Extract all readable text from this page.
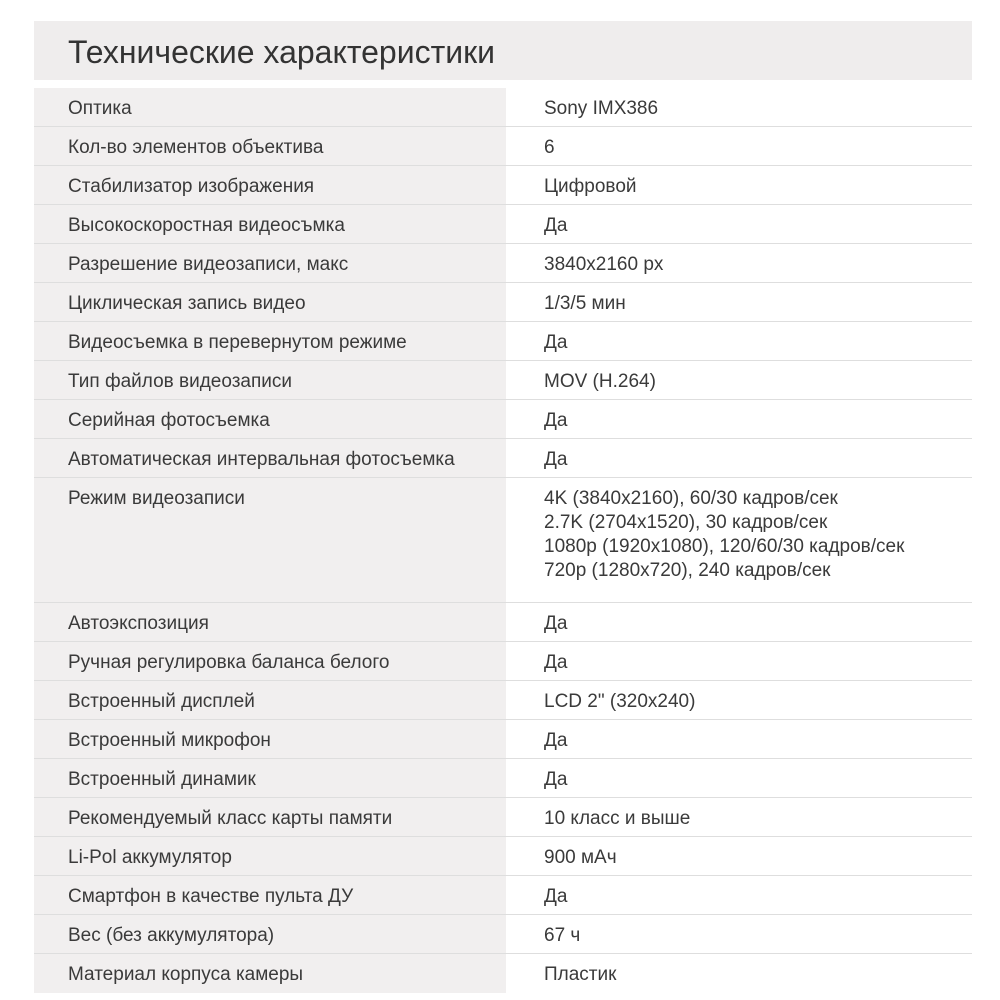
Технические характеристики
Оптика	Sony IMX386
Кол-во элементов объектива	6
Стабилизатор изображения	Цифровой
Высокоскоростная видеосъмка	Да
Разрешение видеозаписи, макс	3840x2160 px
Циклическая запись видео	1/3/5 мин
Видеосъемка в перевернутом режиме	Да
Тип файлов видеозаписи	MOV (H.264)
Серийная фотосъемка	Да
Автоматическая интервальная фотосъемка	Да
Режим видеозаписи	4K (3840x2160), 60/30 кадров/сек
2.7K (2704x1520), 30 кадров/сек
1080p (1920x1080), 120/60/30 кадров/сек
720p (1280x720), 240 кадров/сек
Автоэкспозиция	Да
Ручная регулировка баланса белого	Да
Встроенный дисплей	LCD 2" (320x240)
Встроенный микрофон	Да
Встроенный динамик	Да
Рекомендуемый класс карты памяти	10 класс и выше
Li-Pol аккумулятор	900 мАч
Смартфон в качестве пульта ДУ	Да
Вес (без аккумулятора)	67 ч
Материал корпуса камеры	Пластик
